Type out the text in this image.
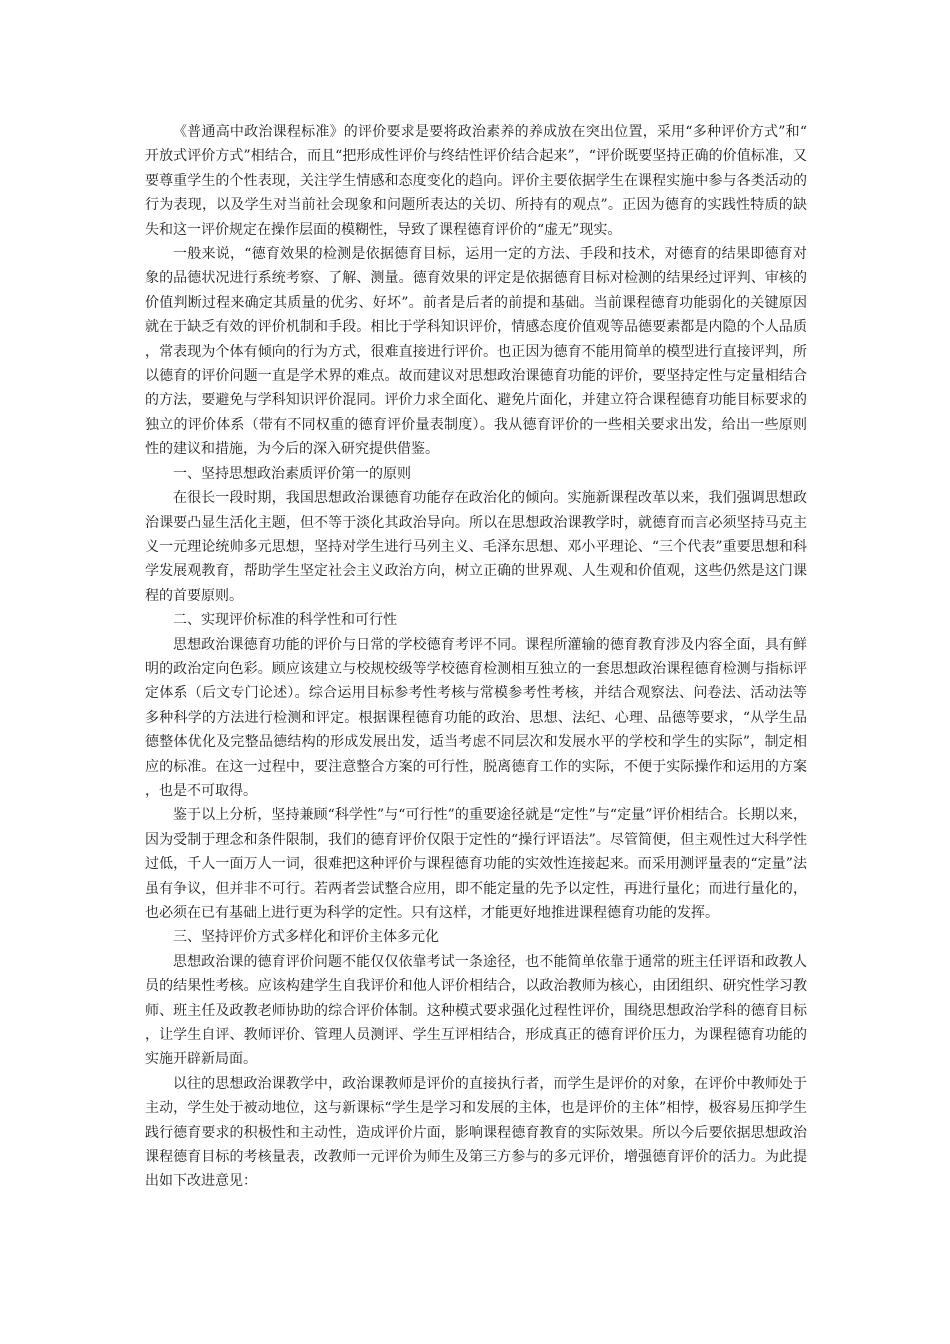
《普通高中政治课程标准》的评价要求是要将政治素养的养成放在突出位置，采用“多种评价方式”和“开放式评价方式”相结合，而且“把形成性评价与终结性评价结合起来”，“评价既要坚持正确的价值标准，又要尊重学生的个性表现，关注学生情感和态度变化的趋向。评价主要依据学生在课程实施中参与各类活动的行为表现，以及学生对当前社会现象和问题所表达的关切、所持有的观点”。正因为德育的实践性特质的缺失和这一评价规定在操作层面的模糊性，导致了课程德育评价的“虚无”现实。

一般来说，“德育效果的检测是依据德育目标，运用一定的方法、手段和技术，对德育的结果即德育对象的品德状况进行系统考察、了解、测量。德育效果的评定是依据德育目标对检测的结果经过评判、审核的价值判断过程来确定其质量的优劣、好坏”。前者是后者的前提和基础。当前课程德育功能弱化的关键原因就在于缺乏有效的评价机制和手段。相比于学科知识评价，情感态度价值观等品德要素都是内隐的个人品质，常表现为个体有倾向的行为方式，很难直接进行评价。也正因为德育不能用简单的模型进行直接评判，所以德育的评价问题一直是学术界的难点。故而建议对思想政治课德育功能的评价，要坚持定性与定量相结合的方法，要避免与学科知识评价混同。评价力求全面化、避免片面化，并建立符合课程德育功能目标要求的独立的评价体系（带有不同权重的德育评价量表制度）。我从德育评价的一些相关要求出发，给出一些原则性的建议和措施，为今后的深入研究提供借鉴。

一、坚持思想政治素质评价第一的原则

在很长一段时期，我国思想政治课德育功能存在政治化的倾向。实施新课程改革以来，我们强调思想政治课要凸显生活化主题，但不等于淡化其政治导向。所以在思想政治课教学时，就德育而言必须坚持马克主义一元理论统帅多元思想，坚持对学生进行马列主义、毛泽东思想、邓小平理论、“三个代表”重要思想和科学发展观教育，帮助学生坚定社会主义政治方向，树立正确的世界观、人生观和价值观，这些仍然是这门课程的首要原则。

二、实现评价标准的科学性和可行性

思想政治课德育功能的评价与日常的学校德育考评不同。课程所灌输的德育教育涉及内容全面，具有鲜明的政治定向色彩。顾应该建立与校规校级等学校德育检测相互独立的一套思想政治课程德育检测与指标评定体系（后文专门论述）。综合运用目标参考性考核与常模参考性考核，并结合观察法、问卷法、活动法等多种科学的方法进行检测和评定。根据课程德育功能的政治、思想、法纪、心理、品德等要求，“从学生品德整体优化及完整品德结构的形成发展出发，适当考虑不同层次和发展水平的学校和学生的实际”，制定相应的标准。在这一过程中，要注意整合方案的可行性，脱离德育工作的实际，不便于实际操作和运用的方案，也是不可取得。

鉴于以上分析，坚持兼顾“科学性”与“可行性”的重要途径就是“定性”与“定量”评价相结合。长期以来，因为受制于理念和条件限制，我们的德育评价仅限于定性的“操行评语法”。尽管简便，但主观性过大科学性过低，千人一面万人一词，很难把这种评价与课程德育功能的实效性连接起来。而采用测评量表的“定量”法虽有争议，但并非不可行。若两者尝试整合应用，即不能定量的先予以定性，再进行量化；而进行量化的，也必须在已有基础上进行更为科学的定性。只有这样，才能更好地推进课程德育功能的发挥。

三、坚持评价方式多样化和评价主体多元化

思想政治课的德育评价问题不能仅仅依靠考试一条途径，也不能简单依靠于通常的班主任评语和政教人员的结果性考核。应该构建学生自我评价和他人评价相结合，以政治教师为核心，由团组织、研究性学习教师、班主任及政教老师协助的综合评价体制。这种模式要求强化过程性评价，围绕思想政治学科的德育目标，让学生自评、教师评价、管理人员测评、学生互评相结合，形成真正的德育评价压力，为课程德育功能的实施开辟新局面。

以往的思想政治课教学中，政治课教师是评价的直接执行者，而学生是评价的对象，在评价中教师处于主动，学生处于被动地位，这与新课标“学生是学习和发展的主体，也是评价的主体”相悖，极容易压抑学生践行德育要求的积极性和主动性，造成评价片面，影响课程德育教育的实际效果。所以今后要依据思想政治课程德育目标的考核量表，改教师一元评价为师生及第三方参与的多元评价，增强德育评价的活力。为此提出如下改进意见：
